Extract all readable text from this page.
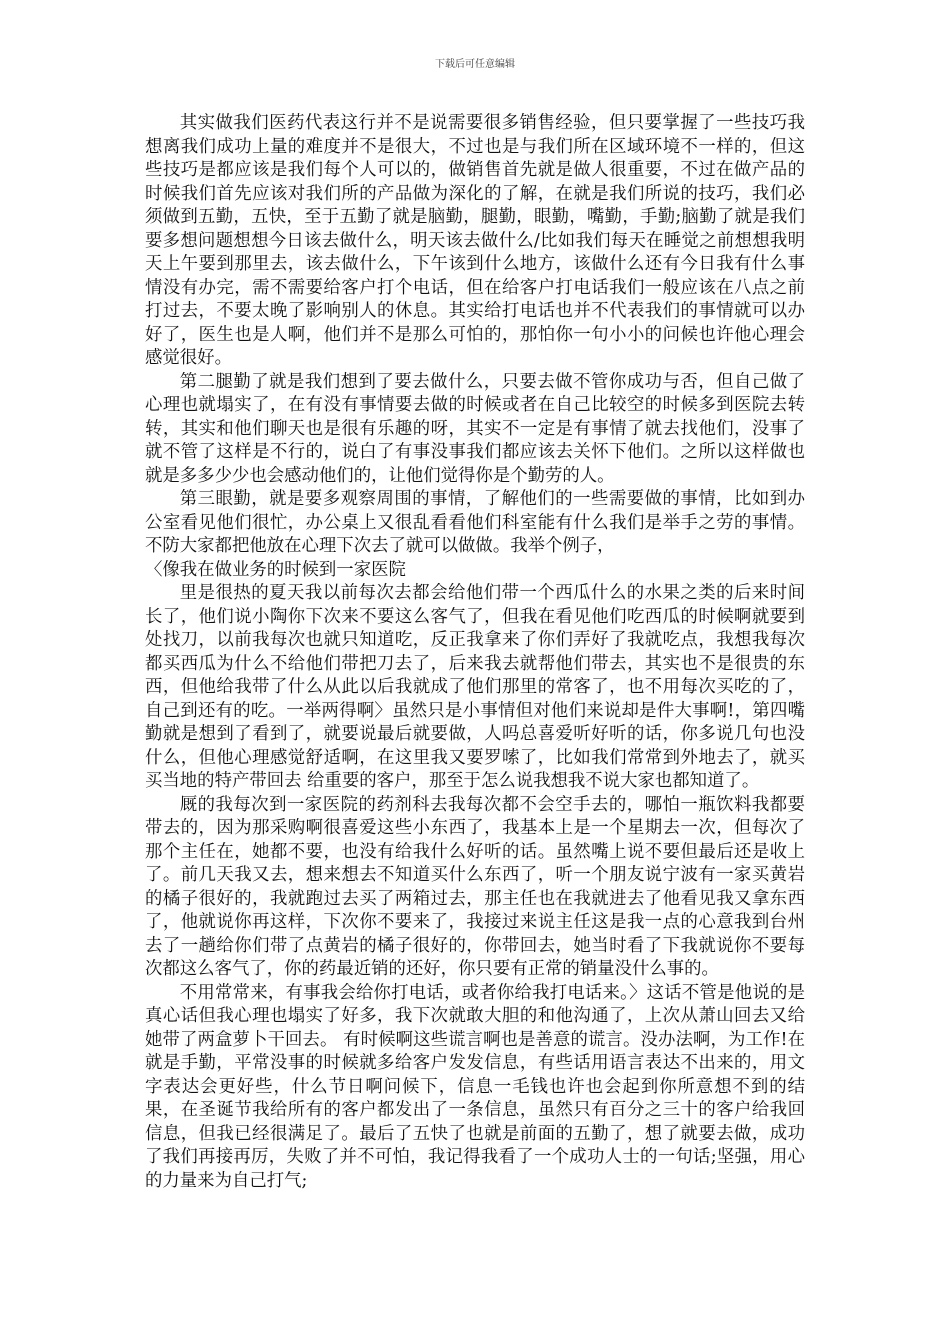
下载后可任意编辑

其实做我们医药代表这行并不是说需要很多销售经验，但只要掌握了一些技巧我想离我们成功上量的难度并不是很大，不过也是与我们所在区域环境不一样的，但这些技巧是都应该是我们每个人可以的，做销售首先就是做人很重要，不过在做产品的时候我们首先应该对我们所的产品做为深化的了解，在就是我们所说的技巧，我们必须做到五勤，五快，至于五勤了就是脑勤，腿勤，眼勤，嘴勤，手勤;脑勤了就是我们要多想问题想想今日该去做什么，明天该去做什么/比如我们每天在睡觉之前想想我明天上午要到那里去，该去做什么，下午该到什么地方，该做什么还有今日我有什么事情没有办完，需不需要给客户打个电话，但在给客户打电话我们一般应该在八点之前打过去，不要太晚了影响别人的休息。其实给打电话也并不代表我们的事情就可以办好了，医生也是人啊，他们并不是那么可怕的，那怕你一句小小的问候也许他心理会感觉很好。

第二腿勤了就是我们想到了要去做什么，只要去做不管你成功与否，但自己做了心理也就塌实了，在有没有事情要去做的时候或者在自己比较空的时候多到医院去转转，其实和他们聊天也是很有乐趣的呀，其实不一定是有事情了就去找他们，没事了就不管了这样是不行的，说白了有事没事我们都应该去关怀下他们。之所以这样做也就是多多少少也会感动他们的，让他们觉得你是个勤劳的人。

第三眼勤，就是要多观察周围的事情，了解他们的一些需要做的事情，比如到办公室看见他们很忙，办公桌上又很乱看看他们科室能有什么我们是举手之劳的事情。不防大家都把他放在心理下次去了就可以做做。我举个例子，

〈像我在做业务的时候到一家医院

里是很热的夏天我以前每次去都会给他们带一个西瓜什么的水果之类的后来时间长了，他们说小陶你下次来不要这么客气了，但我在看见他们吃西瓜的时候啊就要到处找刀，以前我每次也就只知道吃，反正我拿来了你们弄好了我就吃点，我想我每次都买西瓜为什么不给他们带把刀去了，后来我去就帮他们带去，其实也不是很贵的东西，但他给我带了什么从此以后我就成了他们那里的常客了，也不用每次买吃的了，自己到还有的吃。一举两得啊〉虽然只是小事情但对他们来说却是件大事啊!，第四嘴勤就是想到了看到了，就要说最后就要做，人吗总喜爱听好听的话，你多说几句也没什么，但他心理感觉舒适啊，在这里我又要罗嗦了，比如我们常常到外地去了，就买买当地的特产带回去 给重要的客户，那至于怎么说我想我不说大家也都知道了。

厩的我每次到一家医院的药剂科去我每次都不会空手去的，哪怕一瓶饮料我都要带去的，因为那采购啊很喜爱这些小东西了，我基本上是一个星期去一次，但每次了那个主任在，她都不要，也没有给我什么好听的话。虽然嘴上说不要但最后还是收上了。前几天我又去，想来想去不知道买什么东西了，听一个朋友说宁波有一家买黄岩的橘子很好的，我就跑过去买了两箱过去，那主任也在我就进去了他看见我又拿东西了，他就说你再这样，下次你不要来了，我接过来说主任这是我一点的心意我到台州去了一趟给你们带了点黄岩的橘子很好的，你带回去，她当时看了下我就说你不要每次都这么客气了，你的药最近销的还好，你只要有正常的销量没什么事的。

不用常常来，有事我会给你打电话，或者你给我打电话来。〉这话不管是他说的是真心话但我心理也塌实了好多，我下次就敢大胆的和他沟通了，上次从萧山回去又给她带了两盒萝卜干回去。 有时候啊这些谎言啊也是善意的谎言。没办法啊，为工作!在就是手勤，平常没事的时候就多给客户发发信息，有些话用语言表达不出来的，用文字表达会更好些，什么节日啊问候下，信息一毛钱也许也会起到你所意想不到的结果，在圣诞节我给所有的客户都发出了一条信息，虽然只有百分之三十的客户给我回信息，但我已经很满足了。最后了五快了也就是前面的五勤了，想了就要去做，成功了我们再接再厉，失败了并不可怕，我记得我看了一个成功人士的一句话;坚强，用心的力量来为自己打气;
